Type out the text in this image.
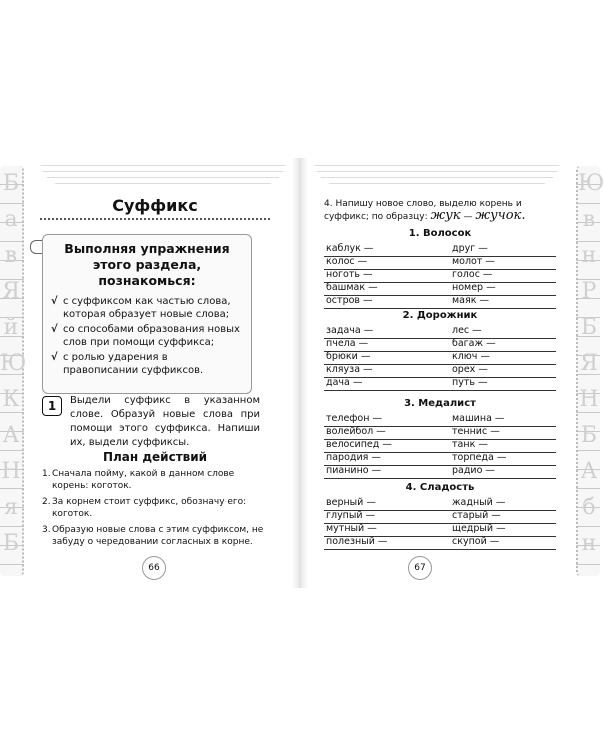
Б
а
в
Я
й
Ю
К
А
Н
я
Б
Суффикс
Выполняя упражнения этого раздела, познакомься:
√ с суффиксом как частью слова, которая образует новые слова;
√ со способами образования новых слов при помощи суффикса;
√ с ролью ударения в правописании суффиксов.
1	Выдели суффикс в указанном слове. Образуй новые слова при помощи этого суффикса. Напиши их, выдели суффиксы.
План действий
1. Сначала пойму, какой в данном слове корень: коготок.
2. За корнем стоит суффикс, обозначу его: коготок.
3. Образую новые слова с этим суффиксом, не забуду о чередовании согласных в корне.
66
Ю
в
н
Р
Б
Я
Н
Б
А
б
н
4. Напишу новое слово, выделю корень и суффикс; по образцу: жук — жучок.
1. Волосок
каблук —	друг —
колос —	молот —
ноготь —	голос —
башмак —	номер —
остров —	маяк —
2. Дорожник
задача —	лес —
пчела —	багаж —
брюки —	ключ —
кляуза —	орех —
дача —	путь —
3. Медалист
телефон —	машина —
волейбол —	теннис —
велосипед —	танк —
пародия —	торпеда —
пианино —	радио —
4. Сладость
верный —	жадный —
глупый —	старый —
мутный —	щедрый —
полезный —	скупой —
67
